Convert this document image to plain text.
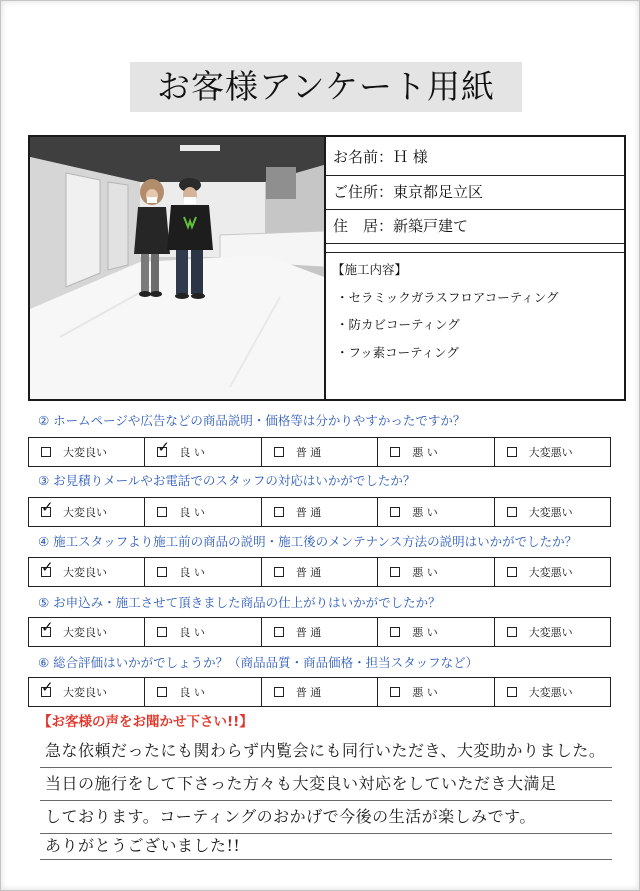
お客様アンケート用紙
お名前：Ｈ 様
ご住所：東京都足立区
住　居：新築戸建て
【施工内容】
・セラミックガラスフロアコーティング
・防カビコーティング
・フッ素コーティング
② ホームページや広告などの商品説明・価格等は分かりやすかったですか？
大変良い
✓	良 い	普 通	悪 い	大変悪い
③ お見積りメールやお電話でのスタッフの対応はいかがでしたか？
✓
大変良い	良 い	普 通	悪 い	大変悪い
④ 施工スタッフより施工前の商品の説明・施工後のメンテナンス方法の説明はいかがでしたか？
✓
大変良い	良 い	普 通	悪 い	大変悪い
⑤ お申込み・施工させて頂きました商品の仕上がりはいかがでしたか？
✓
大変良い	良 い	普 通	悪 い	大変悪い
⑥ 総合評価はいかがでしょうか？（商品品質・商品価格・担当スタッフなど）
✓
大変良い	良 い	普 通	悪 い	大変悪い
【お客様の声をお聞かせ下さい!!】
急な依頼だったにも関わらず内覧会にも同行いただき、大変助かりました。
当日の施行をして下さった方々も大変良い対応をしていただき大満足
しております。コーティングのおかげで今後の生活が楽しみです。
ありがとうございました!!
